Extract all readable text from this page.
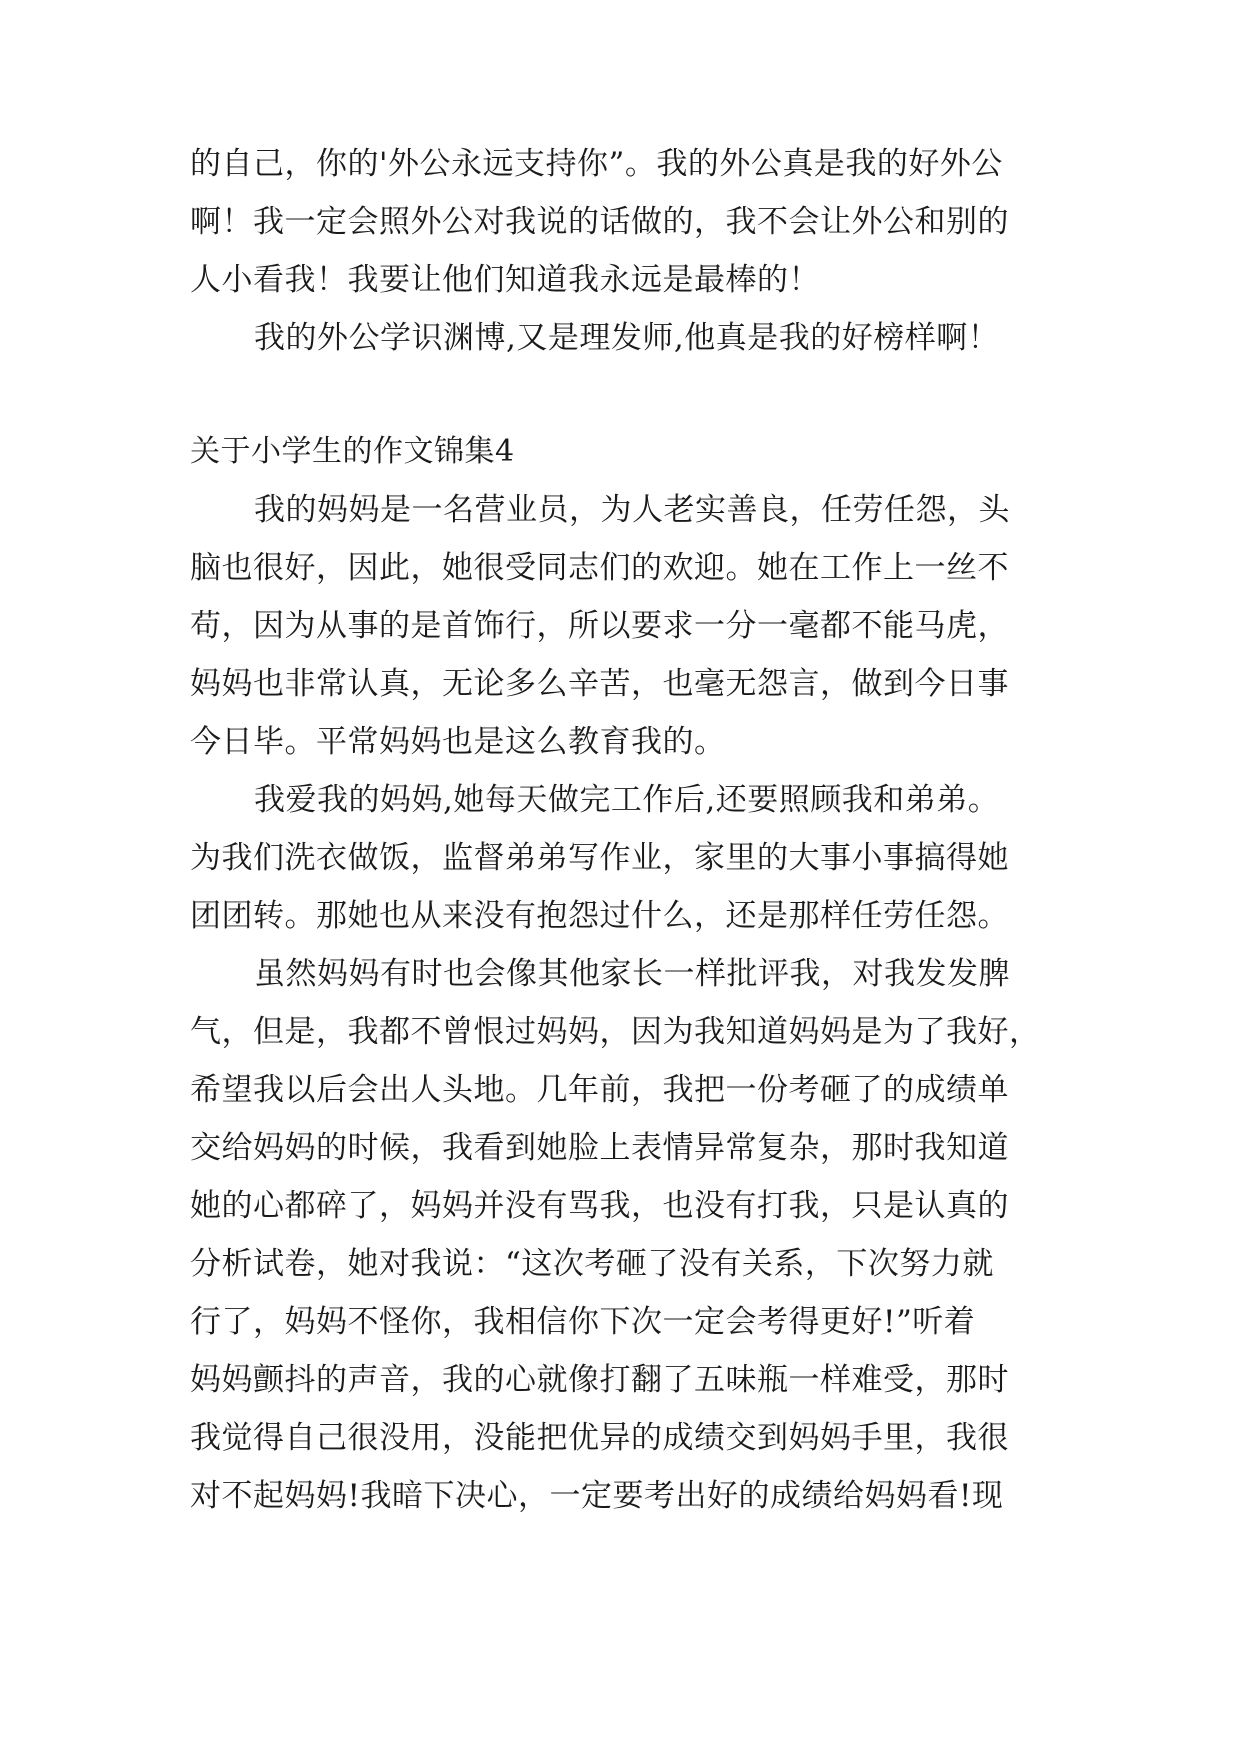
的自己，你的'外公永远支持你”。我的外公真是我的好外公
啊！我一定会照外公对我说的话做的，我不会让外公和别的
人小看我！我要让他们知道我永远是最棒的！
我的外公学识渊博,又是理发师,他真是我的好榜样啊！
关于小学生的作文锦集4
我的妈妈是一名营业员，为人老实善良，任劳任怨，头
脑也很好，因此，她很受同志们的欢迎。她在工作上一丝不
苟，因为从事的是首饰行，所以要求一分一毫都不能马虎，
妈妈也非常认真，无论多么辛苦，也毫无怨言，做到今日事
今日毕。平常妈妈也是这么教育我的。
我爱我的妈妈,她每天做完工作后,还要照顾我和弟弟。
为我们洗衣做饭，监督弟弟写作业，家里的大事小事搞得她
团团转。那她也从来没有抱怨过什么，还是那样任劳任怨。
虽然妈妈有时也会像其他家长一样批评我，对我发发脾
气，但是，我都不曾恨过妈妈，因为我知道妈妈是为了我好，
希望我以后会出人头地。几年前，我把一份考砸了的成绩单
交给妈妈的时候，我看到她脸上表情异常复杂，那时我知道
她的心都碎了，妈妈并没有骂我，也没有打我，只是认真的
分析试卷，她对我说：“这次考砸了没有关系，下次努力就
行了，妈妈不怪你，我相信你下次一定会考得更好!”听着
妈妈颤抖的声音，我的心就像打翻了五味瓶一样难受，那时
我觉得自己很没用，没能把优异的成绩交到妈妈手里，我很
对不起妈妈!我暗下决心，一定要考出好的成绩给妈妈看!现
